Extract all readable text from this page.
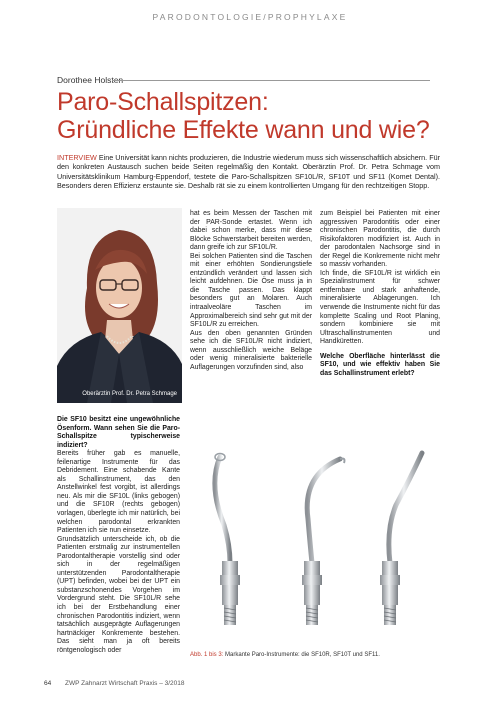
PARODONTOLOGIE/PROPHYLAXE
Dorothee Holsten
Paro-Schallspitzen:
Gründliche Effekte wann und wie?
INTERVIEW Eine Universität kann nichts produzieren, die Industrie wiederum muss sich wissenschaftlich absichern. Für den konkreten Austausch suchen beide Seiten regelmäßig den Kontakt. Oberärztin Prof. Dr. Petra Schmage vom Universitätsklinikum Hamburg-Eppendorf, testete die Paro-Schallspitzen SF10L/R, SF10T und SF11 (Komet Dental). Besonders deren Effizienz erstaunte sie. Deshalb rät sie zu einem kontrollierten Umgang für den rechtzeitigen Stopp.
Oberärztin Prof. Dr. Petra Schmage

Die SF10 besitzt eine ungewöhnliche Ösenform. Wann sehen Sie die Paro-Schallspitze typischerweise indiziert?

Bereits früher gab es manuelle, feilenartige Instrumente für das Debridement. Eine schabende Kante als Schallinstrument, das den Anstellwinkel fest vorgibt, ist allerdings neu. Als mir die SF10L (links gebogen) und die SF10R (rechts gebogen) vorlagen, überlegte ich mir natürlich, bei welchen parodontal erkrankten Patienten ich sie nun einsetze.

Grundsätzlich unterscheide ich, ob die Patienten erstmalig zur instrumentellen Parodontaltherapie vorstellig sind oder sich in der regelmäßigen unterstützenden Parodontaltherapie (UPT) befinden, wobei bei der UPT ein substanzschonendes Vorgehen im Vordergrund steht. Die SF10L/R sehe ich bei der Erstbehandlung einer chronischen Parodontitis indiziert, wenn tatsächlich ausgeprägte Auflagerungen hartnäckiger Konkremente bestehen. Das sieht man ja oft bereits röntgenologisch oder

hat es beim Messen der Taschen mit der PAR-Sonde ertastet. Wenn ich dabei schon merke, dass mir diese Blöcke Schwerstarbeit bereiten werden, dann greife ich zur SF10L/R.

Bei solchen Patienten sind die Taschen mit einer erhöhten Sondierungstiefe entzündlich verändert und lassen sich leicht aufdehnen. Die Öse muss ja in die Tasche passen. Das klappt besonders gut an Molaren. Auch intraalveoläre Taschen im Approximalbereich sind sehr gut mit der SF10L/R zu erreichen.

Aus den oben genannten Gründen sehe ich die SF10L/R nicht indiziert, wenn ausschließlich weiche Beläge oder wenig mineralisierte bakterielle Auflagerungen vorzufinden sind, also

zum Beispiel bei Patienten mit einer aggressiven Parodontitis oder einer chronischen Parodontitis, die durch Risikofaktoren modifiziert ist. Auch in der parodontalen Nachsorge sind in der Regel die Konkremente nicht mehr so massiv vorhanden.

Ich finde, die SF10L/R ist wirklich ein Spezialinstrument für schwer entfernbare und stark anhaftende, mineralisierte Ablagerungen. Ich verwende die Instrumente nicht für das komplette Scaling und Root Planing, sondern kombiniere sie mit Ultraschallinstrumenten und Handküretten.

Welche Oberfläche hinterlässt die SF10, und wie effektiv haben Sie das Schallinstrument erlebt?

Abb. 1 bis 3: Markante Paro-Instrumente: die SF10R, SF10T und SF11.
64 ZWP Zahnarzt Wirtschaft Praxis – 3/2018
